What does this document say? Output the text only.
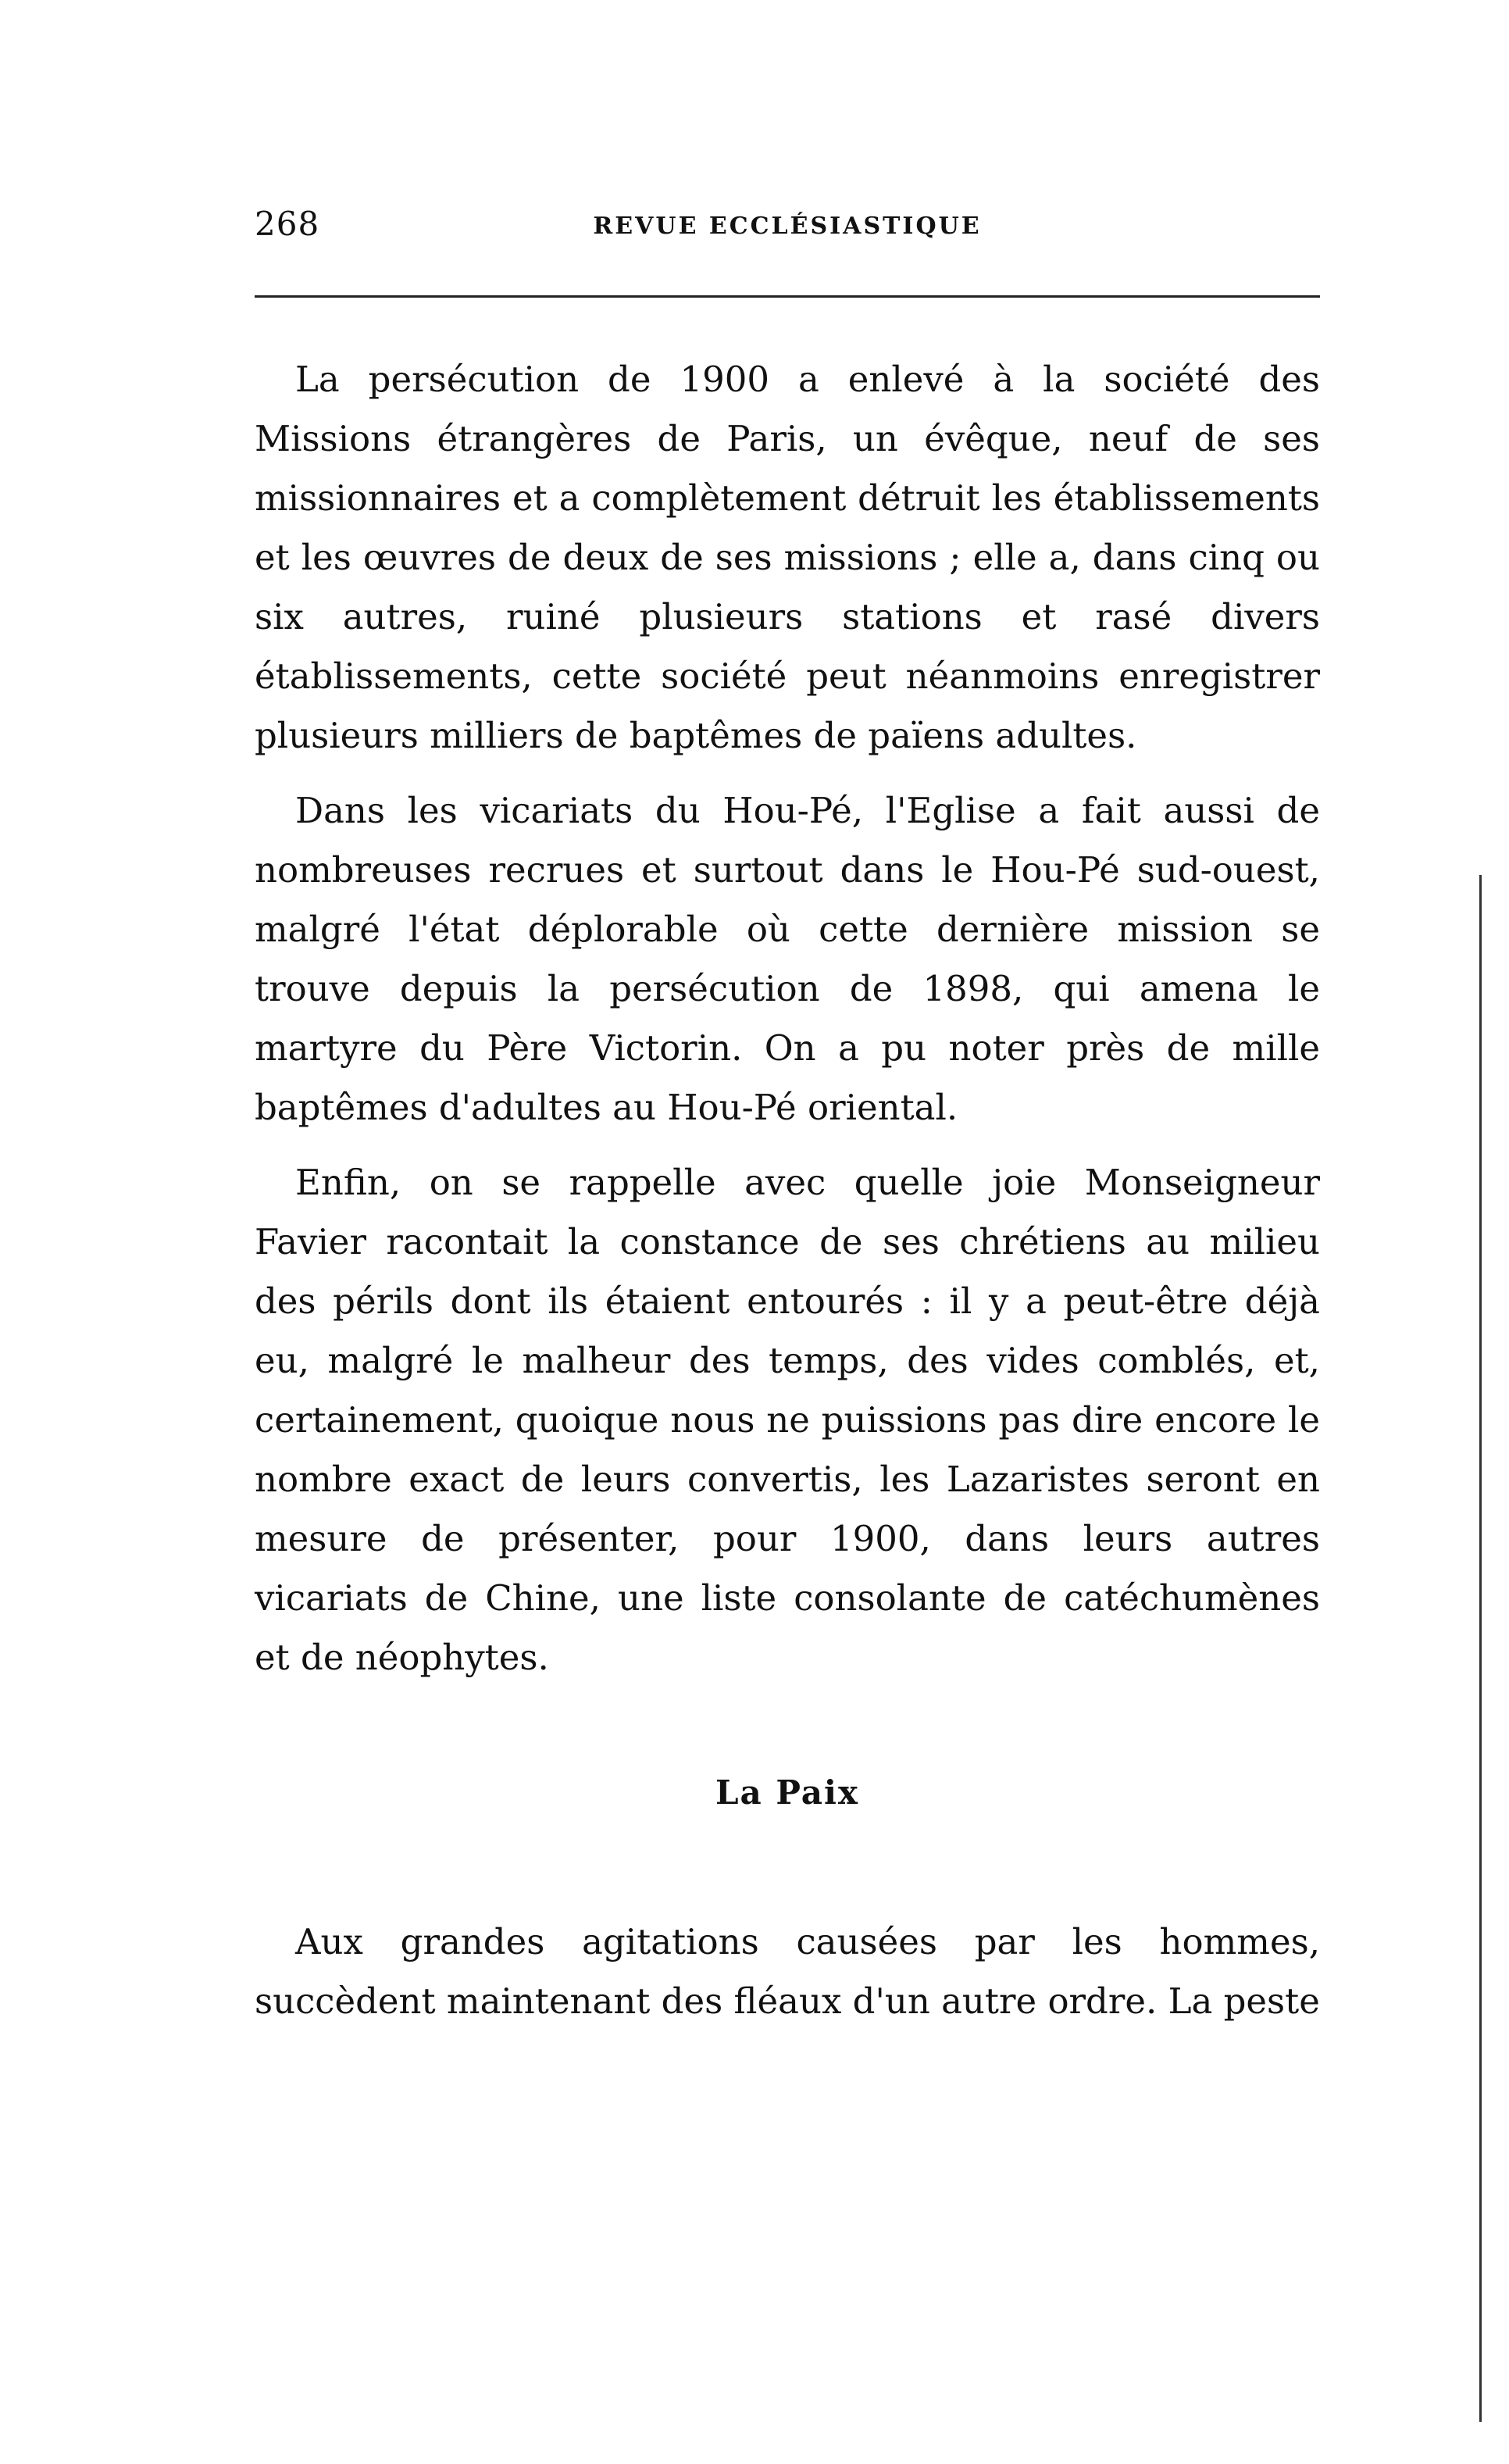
268	REVUE ECCLÉSIASTIQUE

La persécution de 1900 a enlevé à la société des Missions étrangères de Paris, un évêque, neuf de ses missionnaires et a complètement détruit les établissements et les œuvres de deux de ses missions ; elle a, dans cinq ou six autres, ruiné plusieurs stations et rasé divers établissements, cette société peut néanmoins enregistrer plusieurs milliers de baptêmes de païens adultes.

Dans les vicariats du Hou-Pé, l'Eglise a fait aussi de nombreuses recrues et surtout dans le Hou-Pé sud-ouest, malgré l'état déplorable où cette dernière mission se trouve depuis la persécution de 1898, qui amena le martyre du Père Victorin. On a pu noter près de mille baptêmes d'adultes au Hou-Pé oriental.

Enfin, on se rappelle avec quelle joie Monseigneur Favier racontait la constance de ses chrétiens au milieu des périls dont ils étaient entourés : il y a peut-être déjà eu, malgré le malheur des temps, des vides comblés, et, certainement, quoique nous ne puissions pas dire encore le nombre exact de leurs convertis, les Lazaristes seront en mesure de présenter, pour 1900, dans leurs autres vicariats de Chine, une liste consolante de catéchumènes et de néophytes.

La Paix

Aux grandes agitations causées par les hommes, succèdent maintenant des fléaux d'un autre ordre. La peste
